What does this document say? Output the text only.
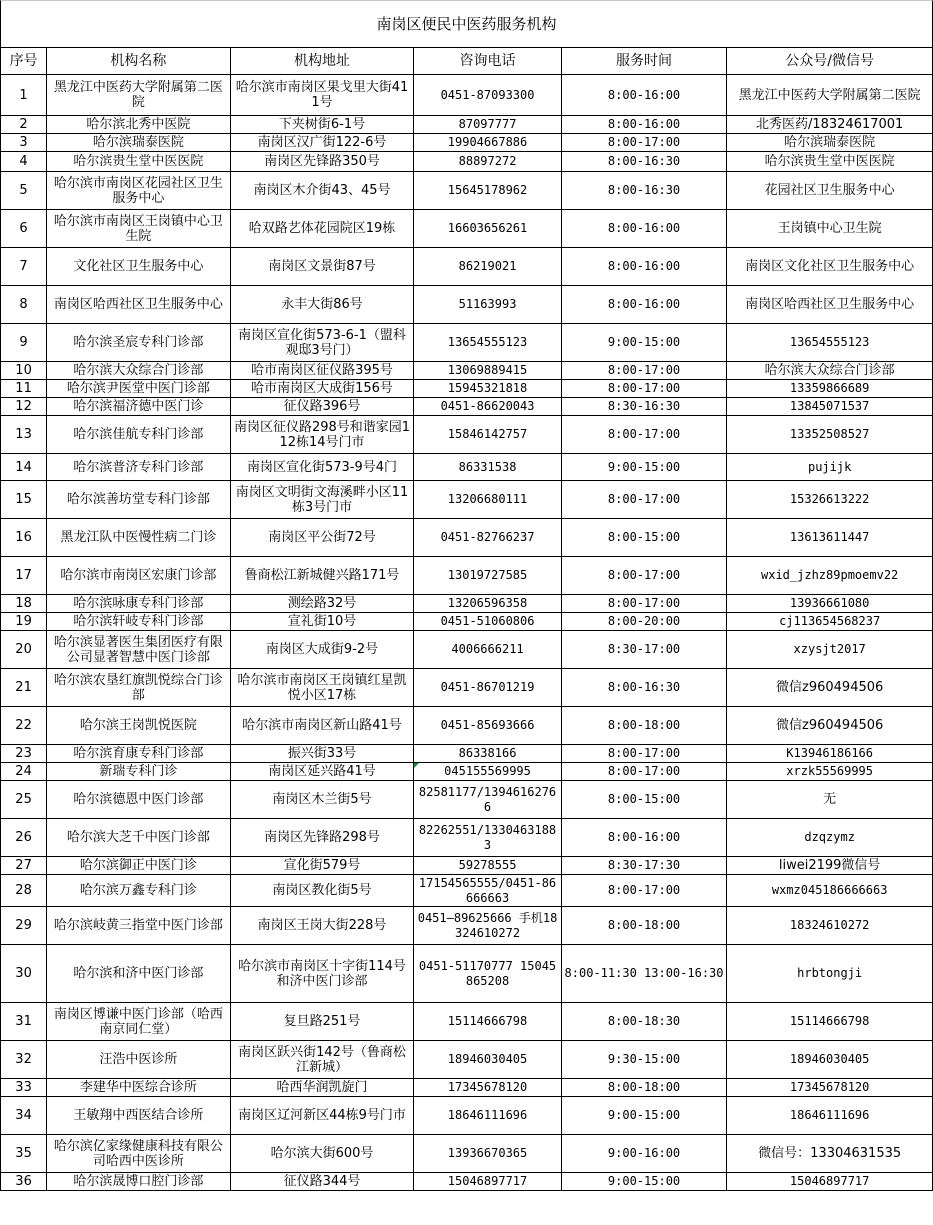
南岗区便民中医药服务机构
序号	机构名称	机构地址	咨询电话	服务时间	公众号/微信号
1	黑龙江中医药大学附属第二医院	哈尔滨市南岗区果戈里大街411号	0451-87093300	8:00-16:00	黑龙江中医药大学附属第二医院
2	哈尔滨北秀中医院	下夹树街6-1号	87097777	8:00-16:00	北秀医药/18324617001
3	哈尔滨瑞泰医院	南岗区汉广街122-6号	19904667886	8:00-17:00	哈尔滨瑞泰医院
4	哈尔滨贵生堂中医医院	南岗区先锋路350号	88897272	8:00-16:30	哈尔滨贵生堂中医医院
5	哈尔滨市南岗区花园社区卫生服务中心	南岗区木介街43、45号	15645178962	8:00-16:30	花园社区卫生服务中心
6	哈尔滨市南岗区王岗镇中心卫生院	哈双路艺体花园院区19栋	16603656261	8:00-16:00	王岗镇中心卫生院
7	文化社区卫生服务中心	南岗区文景街87号	86219021	8:00-16:00	南岗区文化社区卫生服务中心
8	南岗区哈西社区卫生服务中心	永丰大街86号	51163993	8:00-16:00	南岗区哈西社区卫生服务中心
9	哈尔滨圣宸专科门诊部	南岗区宣化街573-6-1（盟科观邸3号门）	13654555123	9:00-15:00	13654555123
10	哈尔滨大众综合门诊部	哈市南岗区征仪路395号	13069889415	8:00-17:00	哈尔滨大众综合门诊部
11	哈尔滨尹医堂中医门诊部	哈市南岗区大成街156号	15945321818	8:00-17:00	13359866689
12	哈尔滨福济德中医门诊	征仪路396号	0451-86620043	8:30-16:30	13845071537
13	哈尔滨佳航专科门诊部	南岗区征仪路298号和谐家园112栋14号门市	15846142757	8:00-17:00	13352508527
14	哈尔滨普济专科门诊部	南岗区宣化街573-9号4门	86331538	9:00-15:00	pujijk
15	哈尔滨善坊堂专科门诊部	南岗区文明街文海溪畔小区11栋3号门市	13206680111	8:00-17:00	15326613222
16	黑龙江队中医慢性病二门诊	南岗区平公街72号	0451-82766237	8:00-15:00	13613611447
17	哈尔滨市南岗区宏康门诊部	鲁商松江新城健兴路171号	13019727585	8:00-17:00	wxid_jzhz89pmoemv22
18	哈尔滨咏康专科门诊部	测绘路32号	13206596358	8:00-17:00	13936661080
19	哈尔滨轩岐专科门诊部	宣礼街10号	0451-51060806	8:00-20:00	cj113654568237
20	哈尔滨显著医生集团医疗有限公司显著智慧中医门诊部	南岗区大成街9-2号	4006666211	8:30-17:00	xzysjt2017
21	哈尔滨农垦红旗凯悦综合门诊部	哈尔滨市南岗区王岗镇红星凯悦小区17栋	0451-86701219	8:00-16:30	微信z960494506
22	哈尔滨王岗凯悦医院	哈尔滨市南岗区新山路41号	0451-85693666	8:00-18:00	微信z960494506
23	哈尔滨育康专科门诊部	振兴街33号	86338166	8:00-17:00	K13946186166
24	新瑞专科门诊	南岗区延兴路41号	045155569995	8:00-17:00	xrzk55569995
25	哈尔滨德恩中医门诊部	南岗区木兰街5号	82581177/13946162766	8:00-15:00	无
26	哈尔滨大芝千中医门诊部	南岗区先锋路298号	82262551/13304631883	8:00-16:00	dzqzymz
27	哈尔滨御正中医门诊	宣化街579号	59278555	8:30-17:30	liwei2199微信号
28	哈尔滨万鑫专科门诊	南岗区教化街5号	17154565555/0451-86666663	8:00-17:00	wxmz045186666663
29	哈尔滨岐黄三指堂中医门诊部	南岗区王岗大街228号	0451—89625666 手机18324610272	8:00-18:00	18324610272
30	哈尔滨和济中医门诊部	哈尔滨市南岗区十字街114号 和济中医门诊部	0451-51170777 15045865208	8:00-11:30 13:00-16:30	hrbtongji
31	南岗区博谦中医门诊部（哈西南京同仁堂）	复旦路251号	15114666798	8:00-18:30	15114666798
32	汪浩中医诊所	南岗区跃兴街142号（鲁商松江新城）	18946030405	9:30-15:00	18946030405
33	李建华中医综合诊所	哈西华润凯旋门	17345678120	8:00-18:00	17345678120
34	王敏翔中西医结合诊所	南岗区辽河新区44栋9号门市	18646111696	9:00-15:00	18646111696
35	哈尔滨亿家缘健康科技有限公司哈西中医诊所	哈尔滨大街600号	13936670365	9:00-16:00	微信号：13304631535
36	哈尔滨晟博口腔门诊部	征仪路344号	15046897717	9:00-15:00	15046897717
